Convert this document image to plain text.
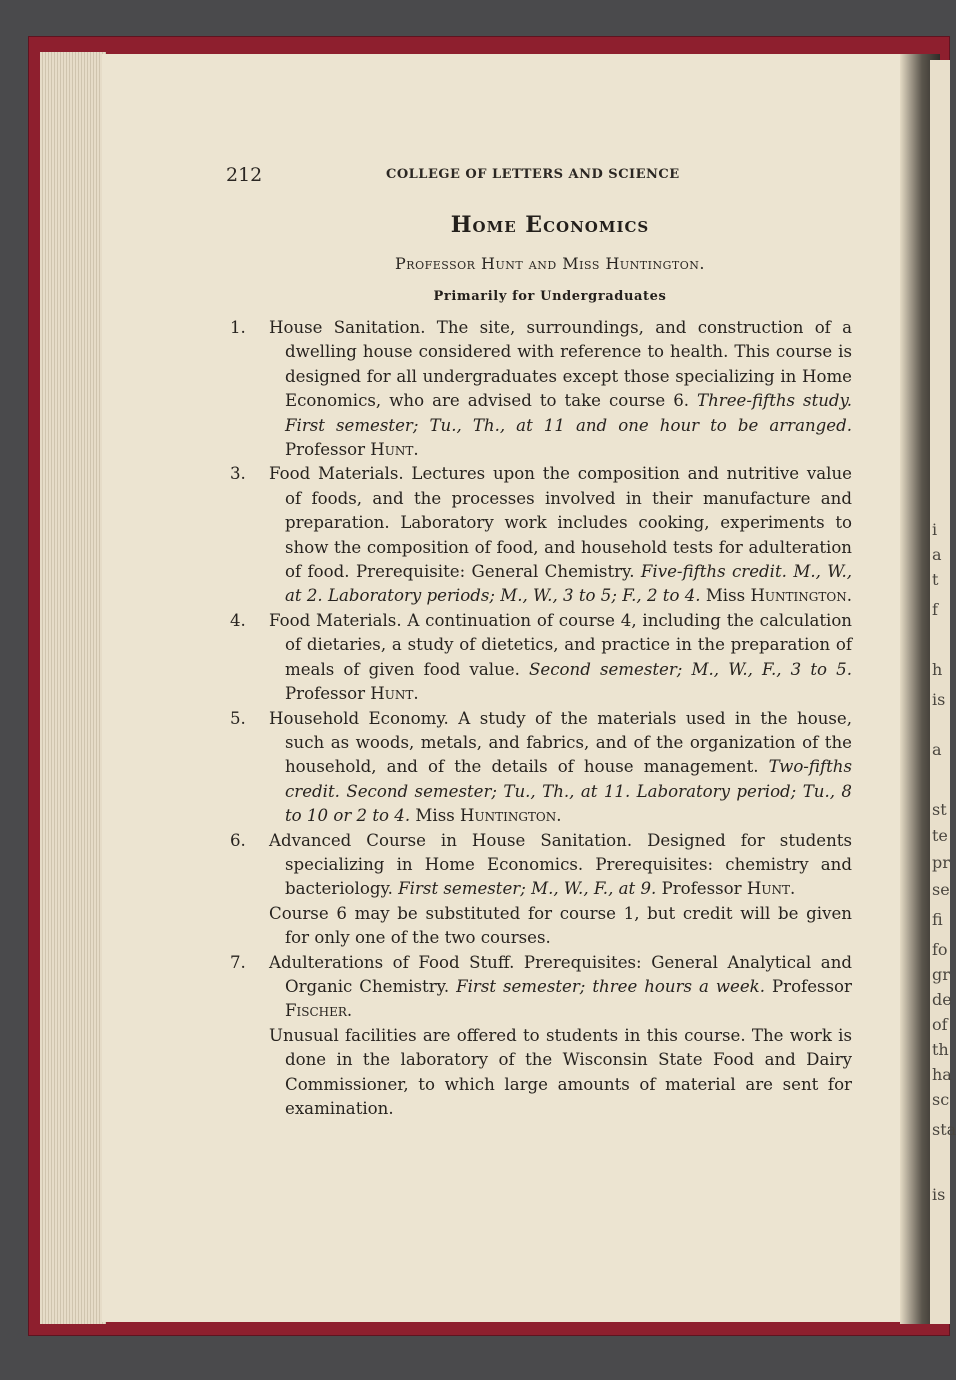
i
a
t
f
h
is
a
st
te
pr
se
fi
fo
gr
de
of
th
ha
sc
sta
is
212	COLLEGE OF LETTERS AND SCIENCE
Home Economics
Professor Hunt and Miss Huntington.
Primarily for Undergraduates

1.	House Sanitation. The site, surroundings, and construction of a dwelling house considered with reference to health. This course is designed for all undergraduates except those specializing in Home Economics, who are advised to take course 6. Three-fifths study. First semester; Tu., Th., at 11 and one hour to be arranged. Professor Hunt.

3.	Food Materials. Lectures upon the composition and nutritive value of foods, and the processes involved in their manufacture and preparation. Laboratory work includes cooking, experiments to show the composition of food, and household tests for adulteration of food. Prerequisite: General Chemistry. Five-fifths credit. M., W., at 2. Laboratory periods; M., W., 3 to 5; F., 2 to 4. Miss Huntington.

4.	Food Materials. A continuation of course 4, including the calculation of dietaries, a study of dietetics, and practice in the preparation of meals of given food value. Second semester; M., W., F., 3 to 5. Professor Hunt.

5.	Household Economy. A study of the materials used in the house, such as woods, metals, and fabrics, and of the organization of the household, and of the details of house management. Two-fifths credit. Second semester; Tu., Th., at 11. Laboratory period; Tu., 8 to 10 or 2 to 4. Miss Huntington.

6.	Advanced Course in House Sanitation. Designed for students specializing in Home Economics. Prerequisites: chemistry and bacteriology. First semester; M., W., F., at 9. Professor Hunt.

Course 6 may be substituted for course 1, but credit will be given for only one of the two courses.

7.	Adulterations of Food Stuff. Prerequisites: General Analytical and Organic Chemistry. First semester; three hours a week. Professor Fischer.

Unusual facilities are offered to students in this course. The work is done in the laboratory of the Wisconsin State Food and Dairy Commissioner, to which large amounts of material are sent for examination.
